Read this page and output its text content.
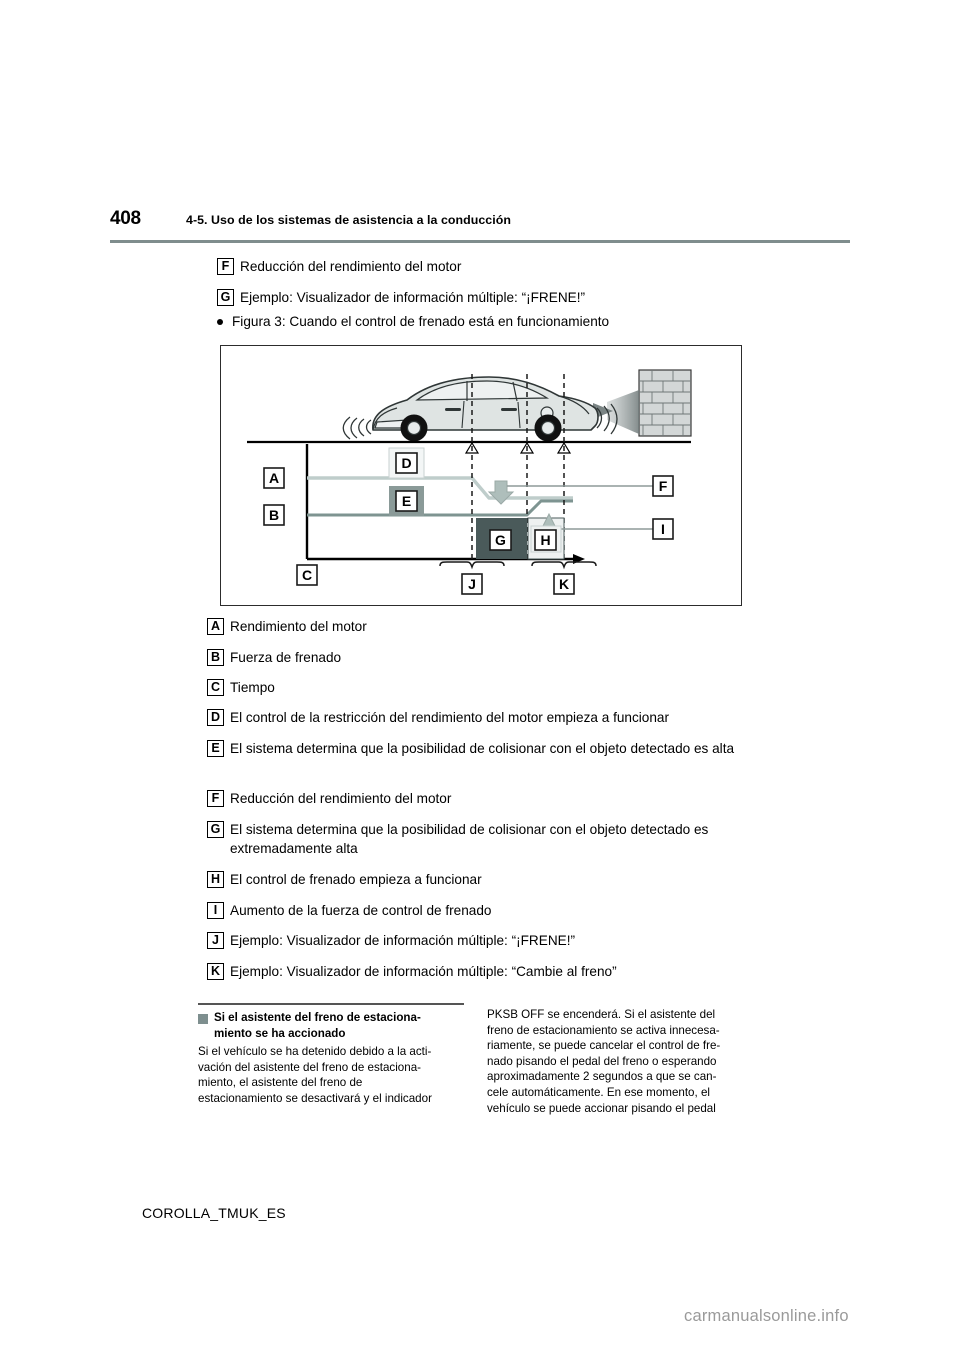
408	4-5. Uso de los sistemas de asistencia a la conducción
F Reducción del rendimiento del motor
G Ejemplo: Visualizador de información múltiple: “¡FRENE!”
Figura 3: Cuando el control de frenado está en funcionamiento
A
B
C
D
E
F
G H
I
J	K
A Rendimiento del motor
B Fuerza de frenado
C Tiempo
D El control de la restricción del rendimiento del motor empieza a funcionar
E El sistema determina que la posibilidad de colisionar con el objeto detectado es alta
F Reducción del rendimiento del motor
G El sistema determina que la posibilidad de colisionar con el objeto detectado es extremadamente alta
H El control de frenado empieza a funcionar
I Aumento de la fuerza de control de frenado
J Ejemplo: Visualizador de información múltiple: “¡FRENE!”
K Ejemplo: Visualizador de información múltiple: “Cambie al freno”
Si el asistente del freno de estaciona-
miento se ha accionado
Si el vehículo se ha detenido debido a la acti-
vación del asistente del freno de estaciona-
miento, el asistente del freno de
estacionamiento se desactivará y el indicador
PKSB OFF se encenderá. Si el asistente del
freno de estacionamiento se activa innecesa-
riamente, se puede cancelar el control de fre-
nado pisando el pedal del freno o esperando
aproximadamente 2 segundos a que se can-
cele automáticamente. En ese momento, el
vehículo se puede accionar pisando el pedal
COROLLA_TMUK_ES
carmanualsonline.info
